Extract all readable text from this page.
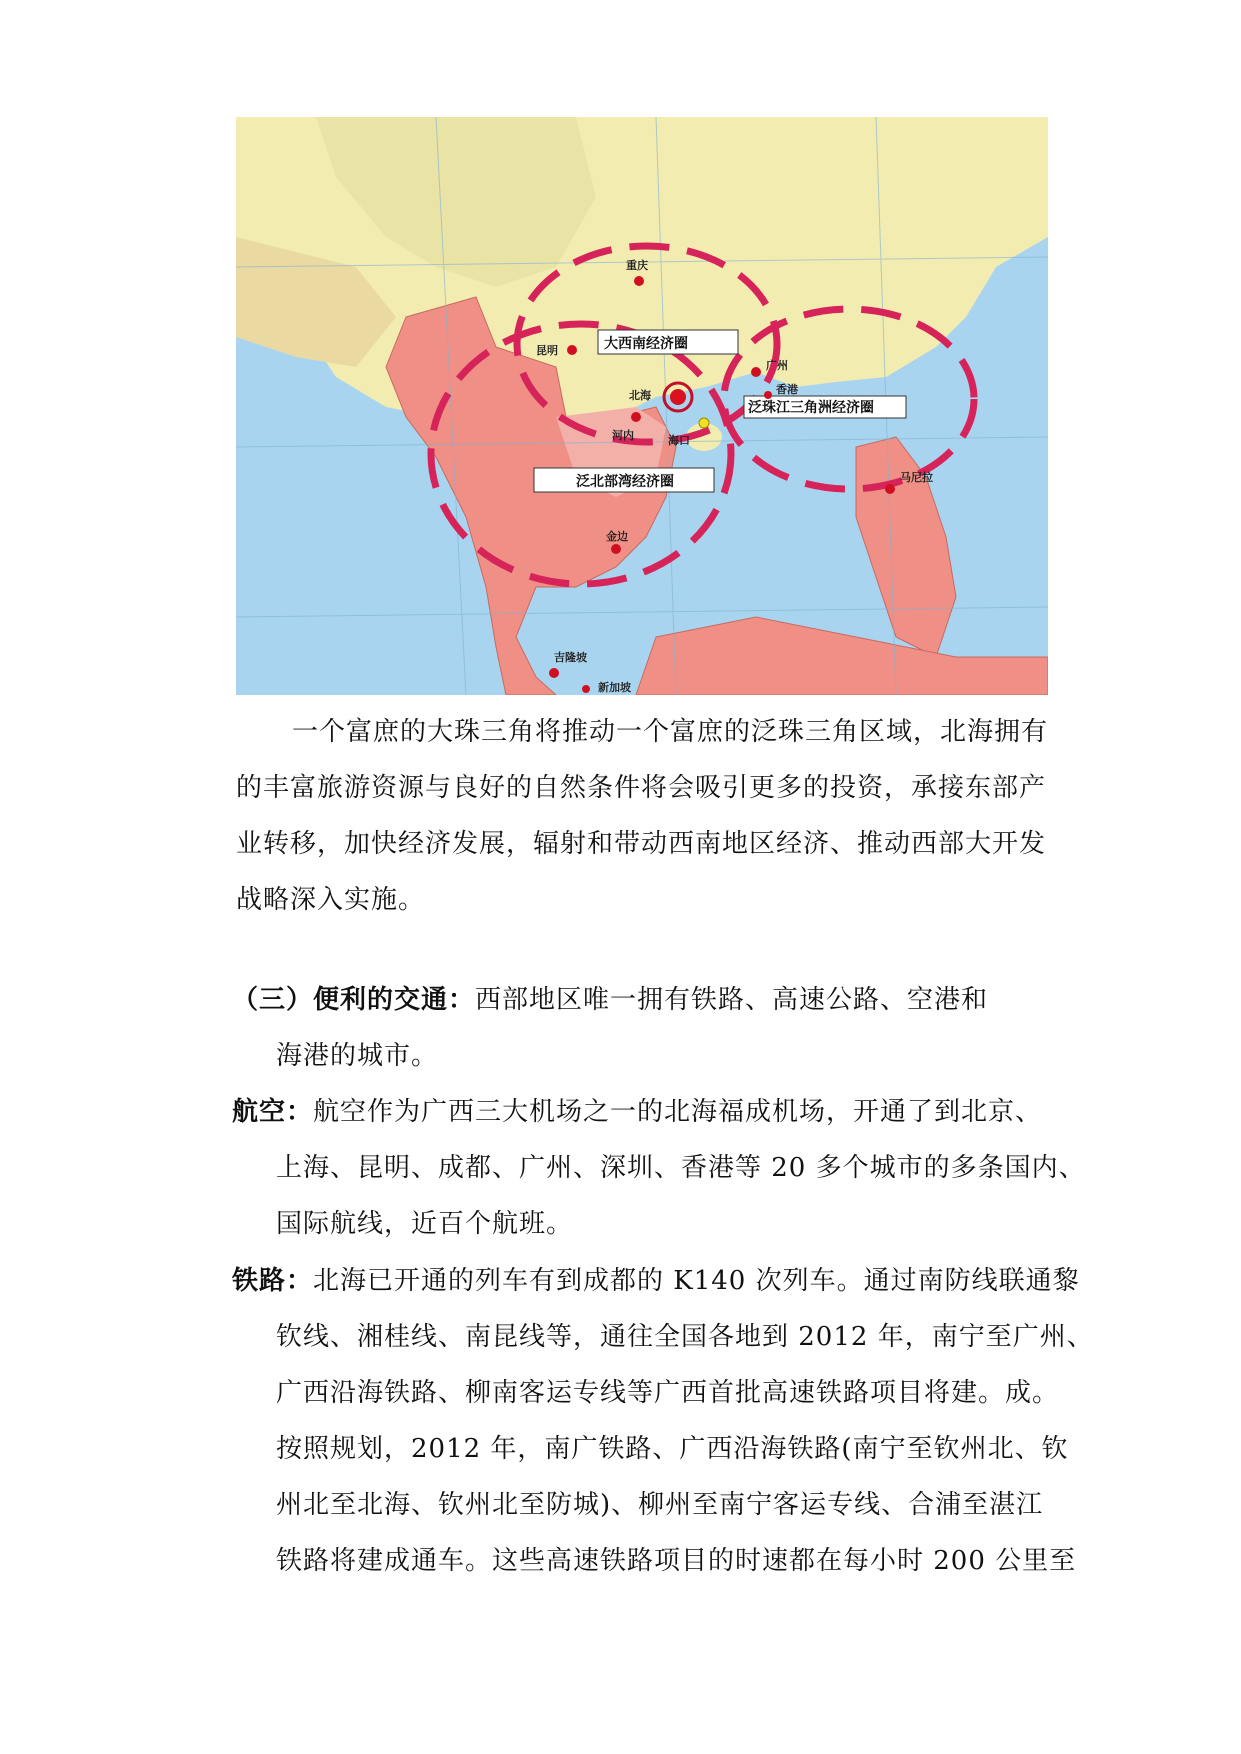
大西南经济圈
泛珠江三角洲经济圈
泛北部湾经济圈
重庆
昆明
广州
香港
北海
河内	海口
金边
马尼拉
吉隆坡
新加坡
一个富庶的大珠三角将推动一个富庶的泛珠三角区域，北海拥有
的丰富旅游资源与良好的自然条件将会吸引更多的投资，承接东部产
业转移，加快经济发展，辐射和带动西南地区经济、推动西部大开发
战略深入实施。
（三）便利的交通：西部地区唯一拥有铁路、高速公路、空港和
海港的城市。
航空：航空作为广西三大机场之一的北海福成机场，开通了到北京、
上海、昆明、成都、广州、深圳、香港等 20 多个城市的多条国内、
国际航线，近百个航班。
铁路：北海已开通的列车有到成都的 K140 次列车。通过南防线联通黎
钦线、湘桂线、南昆线等，通往全国各地到 2012 年，南宁至广州、
广西沿海铁路、柳南客运专线等广西首批高速铁路项目将建。成。
按照规划，2012 年，南广铁路、广西沿海铁路(南宁至钦州北、钦
州北至北海、钦州北至防城)、柳州至南宁客运专线、合浦至湛江
铁路将建成通车。这些高速铁路项目的时速都在每小时 200 公里至
